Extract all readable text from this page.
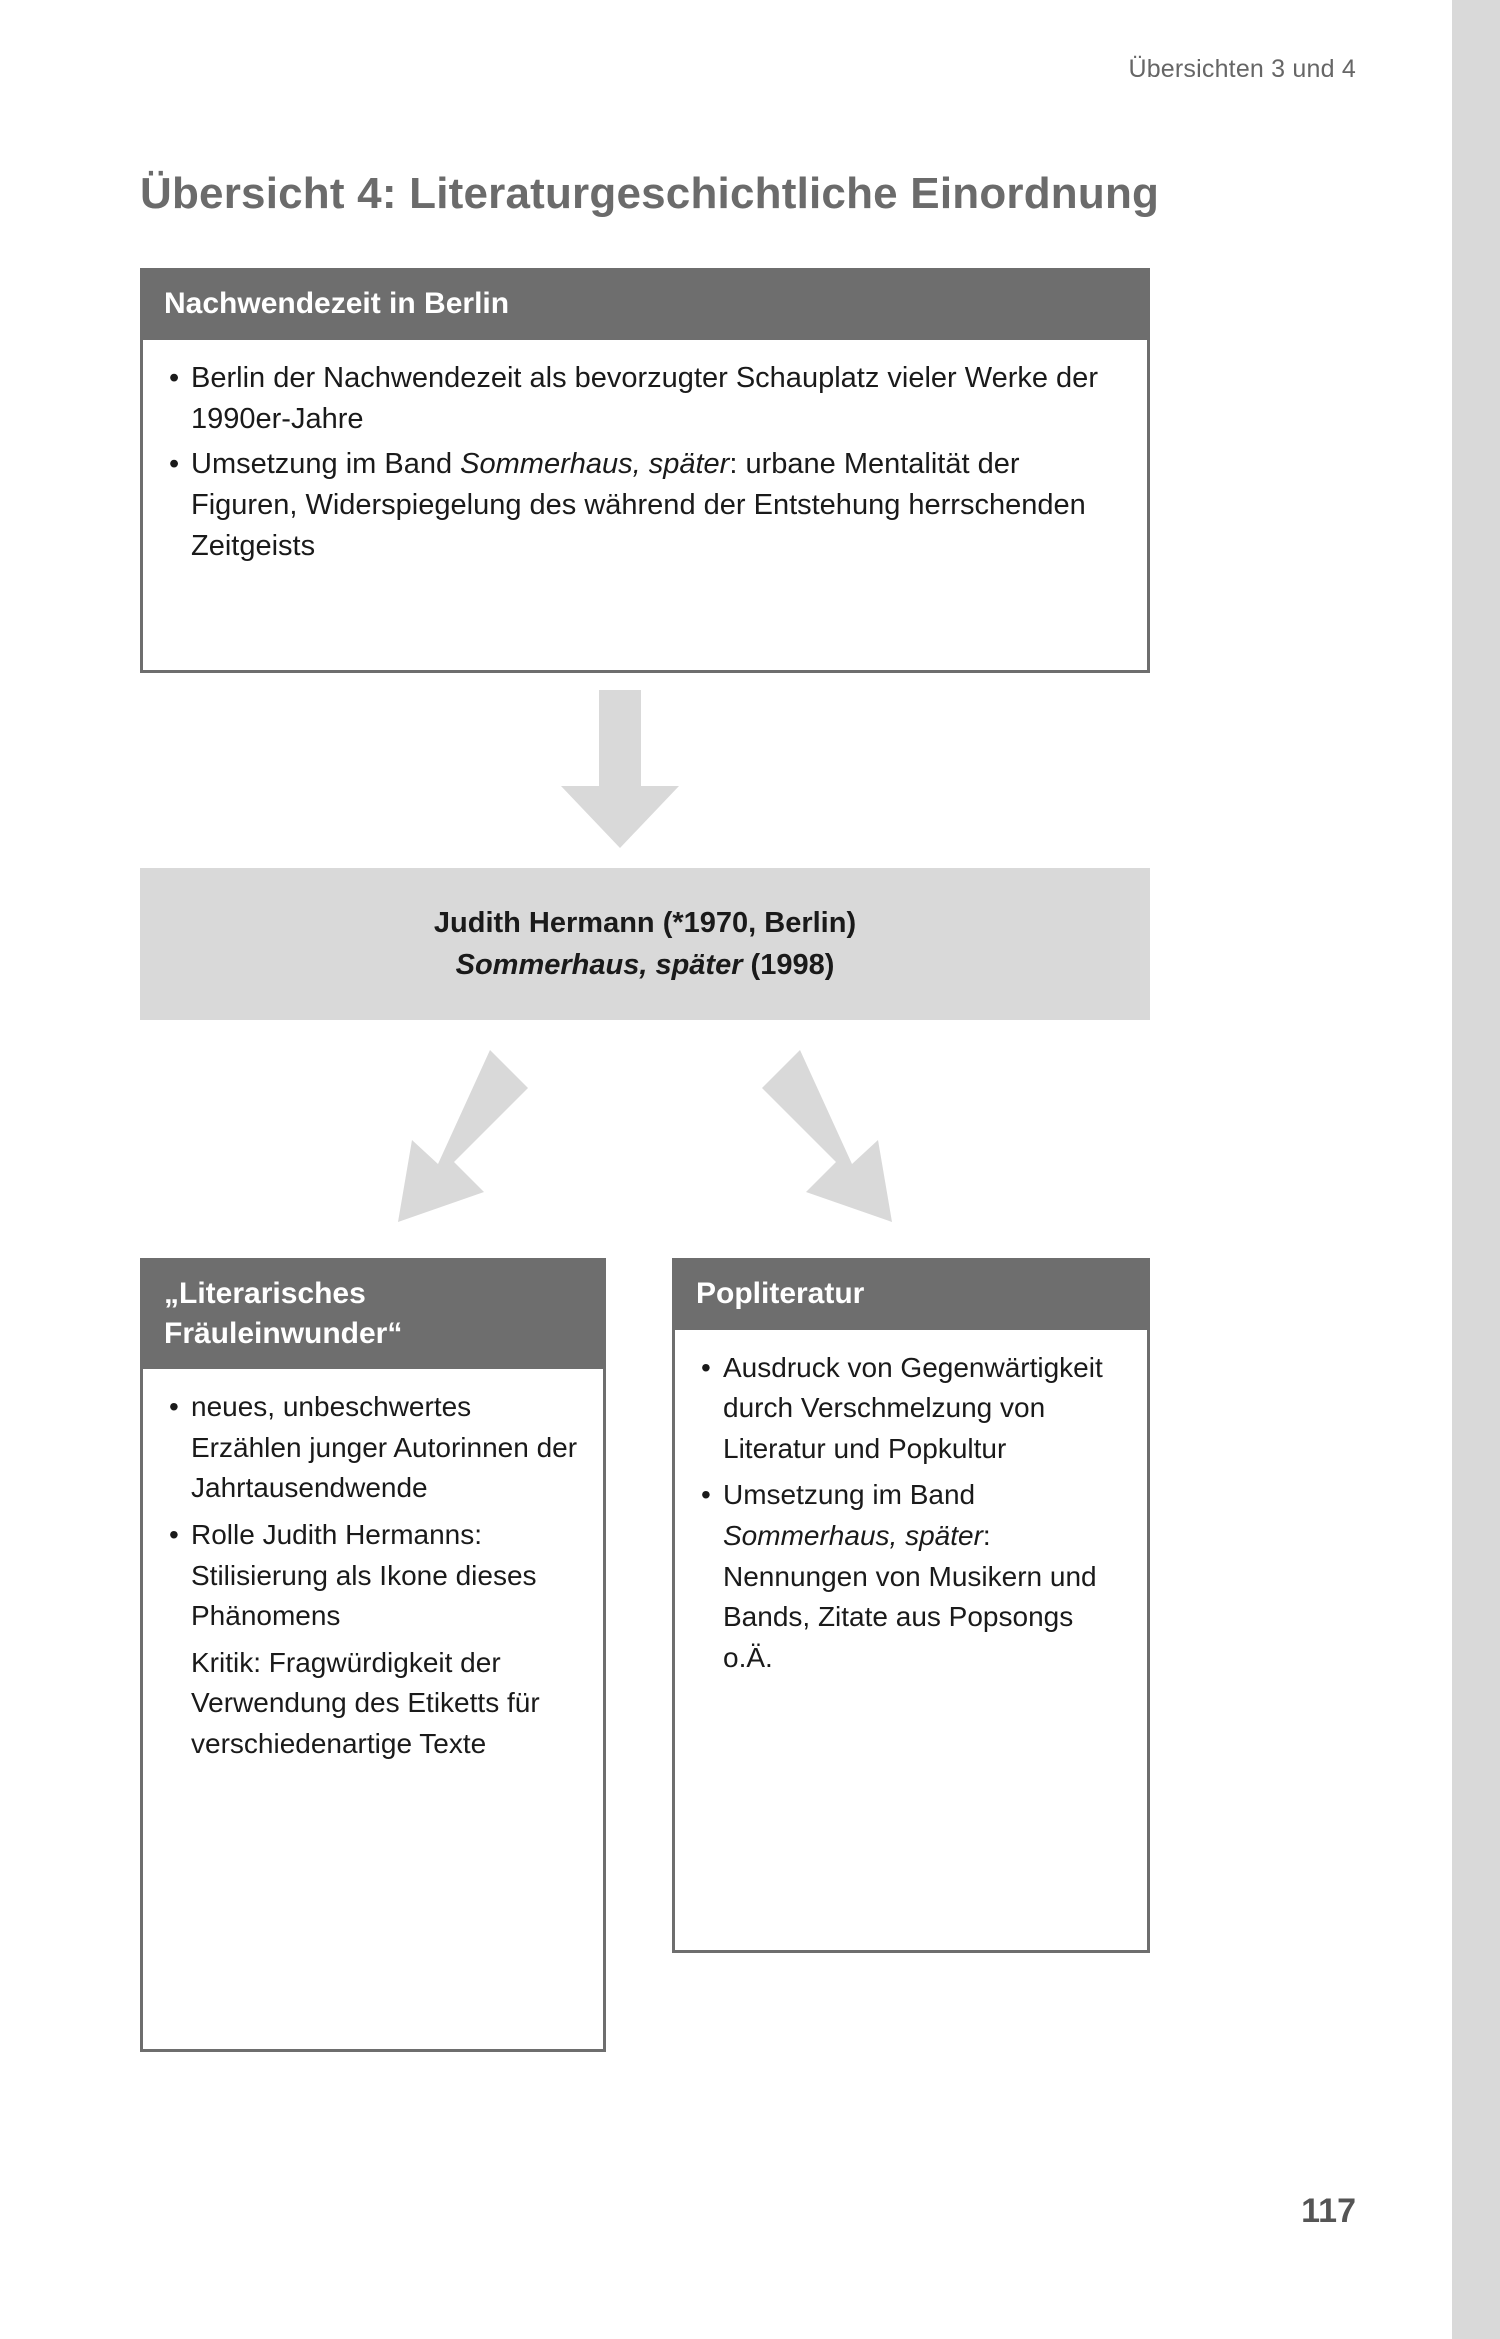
Übersichten 3 und 4
Übersicht 4: Literaturgeschichtliche Einordnung
Nachwendezeit in Berlin
• Berlin der Nachwendezeit als bevorzugter Schauplatz vieler Werke der 1990er-Jahre
• Umsetzung im Band Sommerhaus, später: urbane Mentalität der Figuren, Widerspiegelung des während der Entstehung herrschenden Zeitgeists
Judith Hermann (*1970, Berlin)
Sommerhaus, später (1998)
„Literarisches Fräuleinwunder“
• neues, unbeschwertes Erzählen junger Autorinnen der Jahrtausendwende
• Rolle Judith Hermanns: Stilisierung als Ikone dieses Phänomens
Kritik: Fragwürdigkeit der Verwendung des Etiketts für verschiedenartige Texte
Popliteratur
• Ausdruck von Gegenwärtigkeit durch Verschmelzung von Literatur und Popkultur
• Umsetzung im Band Sommerhaus, später: Nennungen von Musikern und Bands, Zitate aus Popsongs o.Ä.
117
